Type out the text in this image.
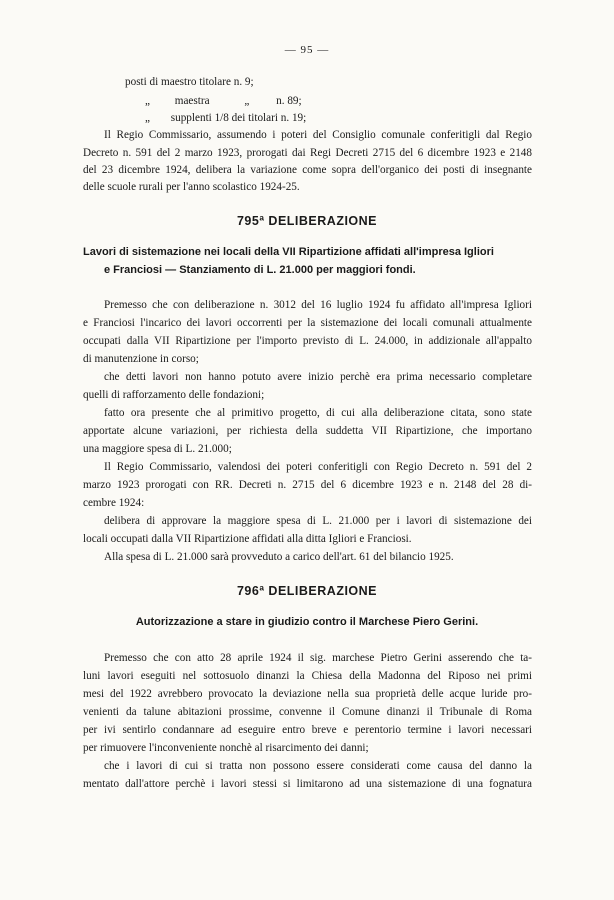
— 95 —
posti di maestro titolare n. 9;
„ maestra	„ n. 89;
„ supplenti 1/8 dei titolari n. 19;
Il Regio Commissario, assumendo i poteri del Consiglio comunale conferitigli dal Regio
Decreto n. 591 del 2 marzo 1923, prorogati dai Regi Decreti 2715 del 6 dicembre 1923 e 2148
del 23 dicembre 1924, delibera la variazione come sopra dell'organico dei posti di insegnante
delle scuole rurali per l'anno scolastico 1924-25.
795ª DELIBERAZIONE
Lavori di sistemazione nei locali della VII Ripartizione affidati all'impresa Igliori
e Franciosi — Stanziamento di L. 21.000 per maggiori fondi.
Premesso che con deliberazione n. 3012 del 16 luglio 1924 fu affidato all'impresa Igliori
e Franciosi l'incarico dei lavori occorrenti per la sistemazione dei locali comunali attualmente
occupati dalla VII Ripartizione per l'importo previsto di L. 24.000, in addizionale all'appalto
di manutenzione in corso;
che detti lavori non hanno potuto avere inizio perchè era prima necessario completare
quelli di rafforzamento delle fondazioni;
fatto ora presente che al primitivo progetto, di cui alla deliberazione citata, sono state
apportate alcune variazioni, per richiesta della suddetta VII Ripartizione, che importano
una maggiore spesa di L. 21.000;
Il Regio Commissario, valendosi dei poteri conferitigli con Regio Decreto n. 591 del 2
marzo 1923 prorogati con RR. Decreti n. 2715 del 6 dicembre 1923 e n. 2148 del 28 di-
cembre 1924:
delibera di approvare la maggiore spesa di L. 21.000 per i lavori di sistemazione dei
locali occupati dalla VII Ripartizione affidati alla ditta Igliori e Franciosi.
Alla spesa di L. 21.000 sarà provveduto a carico dell'art. 61 del bilancio 1925.
796ª DELIBERAZIONE
Autorizzazione a stare in giudizio contro il Marchese Piero Gerini.
Premesso che con atto 28 aprile 1924 il sig. marchese Pietro Gerini asserendo che ta-
luni lavori eseguiti nel sottosuolo dinanzi la Chiesa della Madonna del Riposo nei primi
mesi del 1922 avrebbero provocato la deviazione nella sua proprietà delle acque luride pro-
venienti da talune abitazioni prossime, convenne il Comune dinanzi il Tribunale di Roma
per ivi sentirlo condannare ad eseguire entro breve e perentorio termine i lavori necessari
per rimuovere l'inconveniente nonchè al risarcimento dei danni;
che i lavori di cui si tratta non possono essere considerati come causa del danno la
mentato dall'attore perchè i lavori stessi si limitarono ad una sistemazione di una fognatura
